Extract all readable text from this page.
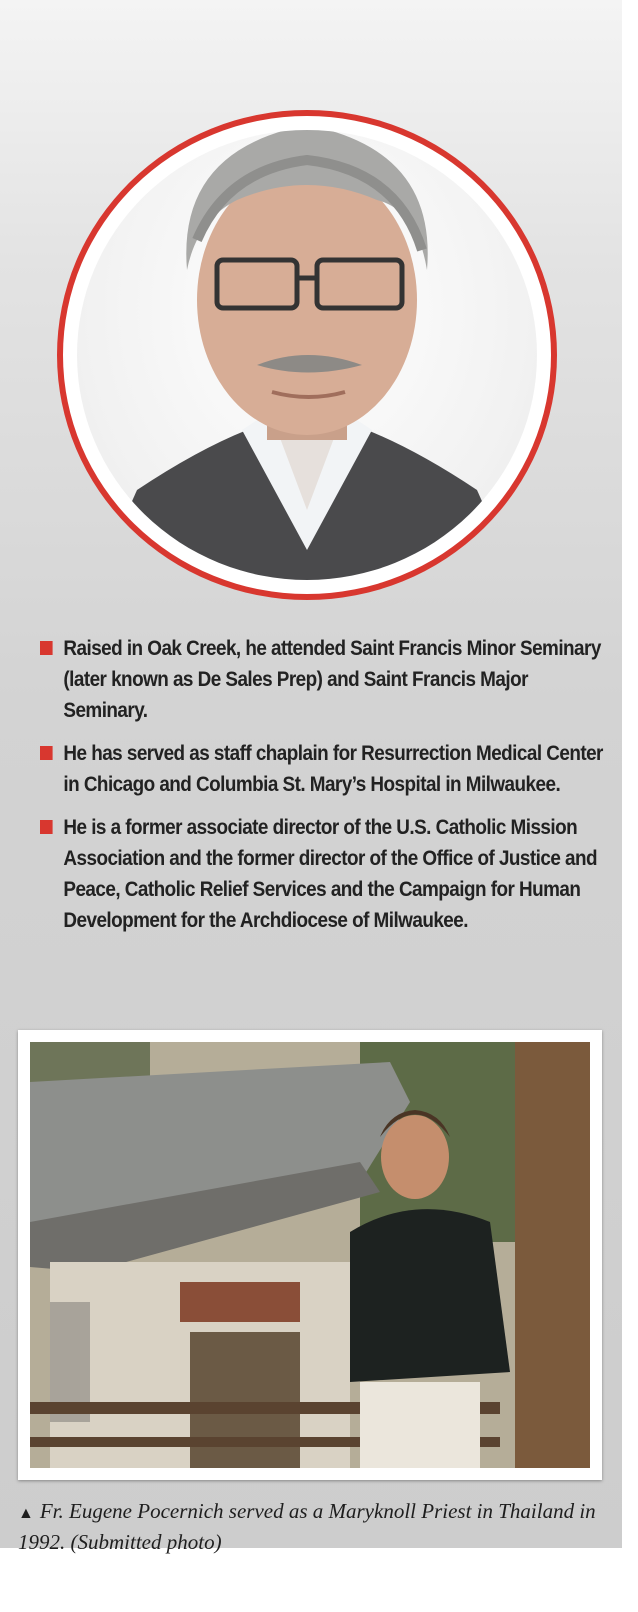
Raised in Oak Creek, he attended Saint Francis Minor Seminary (later known as De Sales Prep) and Saint Francis Major Seminary.
He has served as staff chaplain for Resurrection Medical Center in Chicago and Columbia St. Mary’s Hospital in Milwaukee.
He is a former associate director of the U.S. Catholic Mission Association and the former director of the Office of Justice and Peace, Catholic Relief Services and the Campaign for Human Development for the Archdiocese of Milwaukee.
▲ Fr. Eugene Pocernich served as a Maryknoll Priest in Thailand in 1992. (Submitted photo)
